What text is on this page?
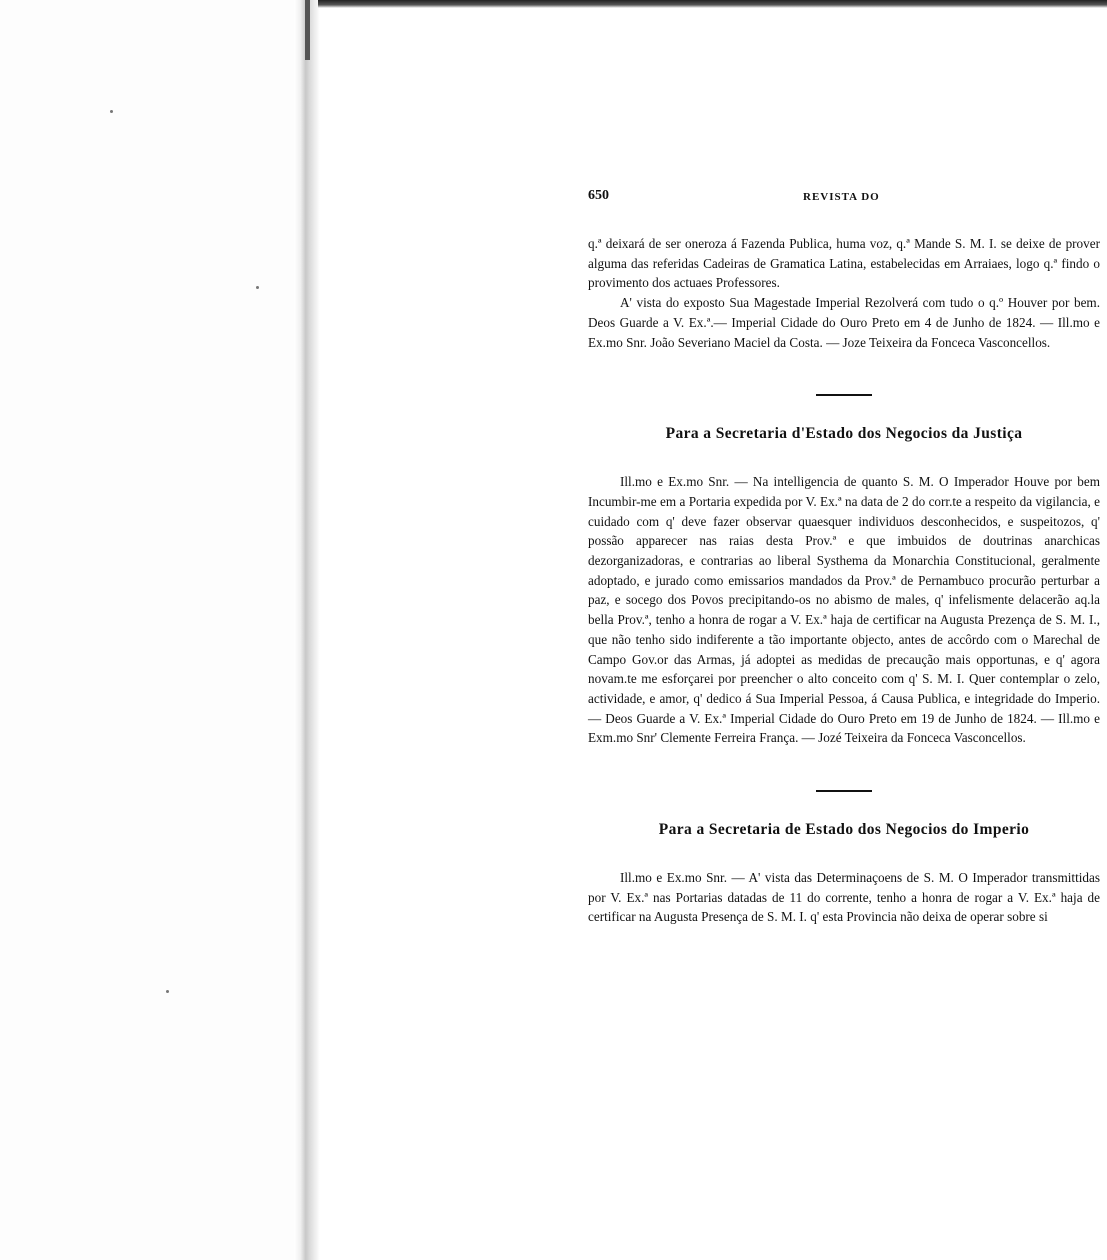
650	REVISTA DO

q.ª deixará de ser oneroza á Fazenda Publica, huma voz, q.ª Mande S. M. I. se deixe de prover alguma das referidas Cadeiras de Gramatica Latina, estabelecidas em Arraiaes, logo q.ª findo o provimento dos actuaes Professores.

A' vista do exposto Sua Magestade Imperial Rezolverá com tudo o q.º Houver por bem. Deos Guarde a V. Ex.ª.— Imperial Cidade do Ouro Preto em 4 de Junho de 1824. — Ill.mo e Ex.mo Snr. João Severiano Maciel da Costa. — Joze Teixeira da Fonceca Vasconcellos.

Para a Secretaria d'Estado dos Negocios da Justiça

Ill.mo e Ex.mo Snr. — Na intelligencia de quanto S. M. O Imperador Houve por bem Incumbir-me em a Portaria expedida por V. Ex.ª na data de 2 do corr.te a respeito da vigilancia, e cuidado com q' deve fazer observar quaesquer individuos desconhecidos, e suspeitozos, q' possão apparecer nas raias desta Prov.ª e que imbuidos de doutrinas anarchicas dezorganizadoras, e contrarias ao liberal Systhema da Monarchia Constitucional, geralmente adoptado, e jurado como emissarios mandados da Prov.ª de Pernambuco procurão perturbar a paz, e socego dos Povos precipitando-os no abismo de males, q' infelismente delacerão aq.la bella Prov.ª, tenho a honra de rogar a V. Ex.ª haja de certificar na Augusta Prezença de S. M. I., que não tenho sido indiferente a tão importante objecto, antes de accôrdo com o Marechal de Campo Gov.or das Armas, já adoptei as medidas de precaução mais opportunas, e q' agora novam.te me esforçarei por preencher o alto conceito com q' S. M. I. Quer contemplar o zelo, actividade, e amor, q' dedico á Sua Imperial Pessoa, á Causa Publica, e integridade do Imperio. — Deos Guarde a V. Ex.ª Imperial Cidade do Ouro Preto em 19 de Junho de 1824. — Ill.mo e Exm.mo Snr' Clemente Ferreira França. — Jozé Teixeira da Fonceca Vasconcellos.

Para a Secretaria de Estado dos Negocios do Imperio

Ill.mo e Ex.mo Snr. — A' vista das Determinaçoens de S. M. O Imperador transmittidas por V. Ex.ª nas Portarias datadas de 11 do corrente, tenho a honra de rogar a V. Ex.ª haja de certificar na Augusta Presença de S. M. I. q' esta Provincia não deixa de operar sobre si
